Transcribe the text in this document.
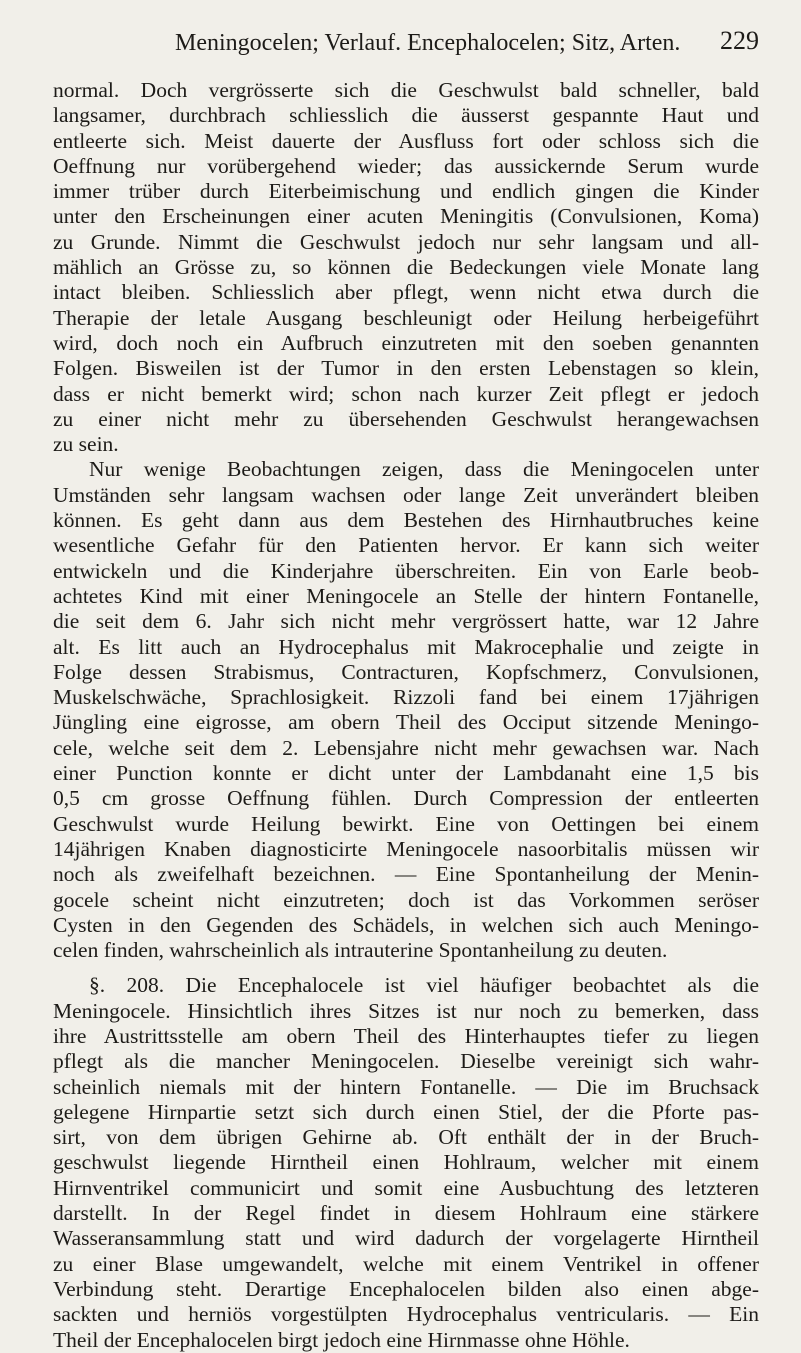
Meningocelen; Verlauf. Encephalocelen; Sitz, Arten.	229
normal. Doch vergrösserte sich die Geschwulst bald schneller, bald
langsamer, durchbrach schliesslich die äusserst gespannte Haut und
entleerte sich. Meist dauerte der Ausfluss fort oder schloss sich die
Oeffnung nur vorübergehend wieder; das aussickernde Serum wurde
immer trüber durch Eiterbeimischung und endlich gingen die Kinder
unter den Erscheinungen einer acuten Meningitis (Convulsionen, Koma)
zu Grunde. Nimmt die Geschwulst jedoch nur sehr langsam und all-
mählich an Grösse zu, so können die Bedeckungen viele Monate lang
intact bleiben. Schliesslich aber pflegt, wenn nicht etwa durch die
Therapie der letale Ausgang beschleunigt oder Heilung herbeigeführt
wird, doch noch ein Aufbruch einzutreten mit den soeben genannten
Folgen. Bisweilen ist der Tumor in den ersten Lebenstagen so klein,
dass er nicht bemerkt wird; schon nach kurzer Zeit pflegt er jedoch
zu einer nicht mehr zu übersehenden Geschwulst herangewachsen
zu sein.
Nur wenige Beobachtungen zeigen, dass die Meningocelen unter
Umständen sehr langsam wachsen oder lange Zeit unverändert bleiben
können. Es geht dann aus dem Bestehen des Hirnhautbruches keine
wesentliche Gefahr für den Patienten hervor. Er kann sich weiter
entwickeln und die Kinderjahre überschreiten. Ein von Earle beob-
achtetes Kind mit einer Meningocele an Stelle der hintern Fontanelle,
die seit dem 6. Jahr sich nicht mehr vergrössert hatte, war 12 Jahre
alt. Es litt auch an Hydrocephalus mit Makrocephalie und zeigte in
Folge dessen Strabismus, Contracturen, Kopfschmerz, Convulsionen,
Muskelschwäche, Sprachlosigkeit. Rizzoli fand bei einem 17jährigen
Jüngling eine eigrosse, am obern Theil des Occiput sitzende Meningo-
cele, welche seit dem 2. Lebensjahre nicht mehr gewachsen war. Nach
einer Punction konnte er dicht unter der Lambdanaht eine 1,5 bis
0,5 cm grosse Oeffnung fühlen. Durch Compression der entleerten
Geschwulst wurde Heilung bewirkt. Eine von Oettingen bei einem
14jährigen Knaben diagnosticirte Meningocele nasoorbitalis müssen wir
noch als zweifelhaft bezeichnen. — Eine Spontanheilung der Menin-
gocele scheint nicht einzutreten; doch ist das Vorkommen seröser
Cysten in den Gegenden des Schädels, in welchen sich auch Meningo-
celen finden, wahrscheinlich als intrauterine Spontanheilung zu deuten.
§. 208. Die Encephalocele ist viel häufiger beobachtet als die
Meningocele. Hinsichtlich ihres Sitzes ist nur noch zu bemerken, dass
ihre Austrittsstelle am obern Theil des Hinterhauptes tiefer zu liegen
pflegt als die mancher Meningocelen. Dieselbe vereinigt sich wahr-
scheinlich niemals mit der hintern Fontanelle. — Die im Bruchsack
gelegene Hirnpartie setzt sich durch einen Stiel, der die Pforte pas-
sirt, von dem übrigen Gehirne ab. Oft enthält der in der Bruch-
geschwulst liegende Hirntheil einen Hohlraum, welcher mit einem
Hirnventrikel communicirt und somit eine Ausbuchtung des letzteren
darstellt. In der Regel findet in diesem Hohlraum eine stärkere
Wasseransammlung statt und wird dadurch der vorgelagerte Hirntheil
zu einer Blase umgewandelt, welche mit einem Ventrikel in offener
Verbindung steht. Derartige Encephalocelen bilden also einen abge-
sackten und herniös vorgestülpten Hydrocephalus ventricularis. — Ein
Theil der Encephalocelen birgt jedoch eine Hirnmasse ohne Höhle.
